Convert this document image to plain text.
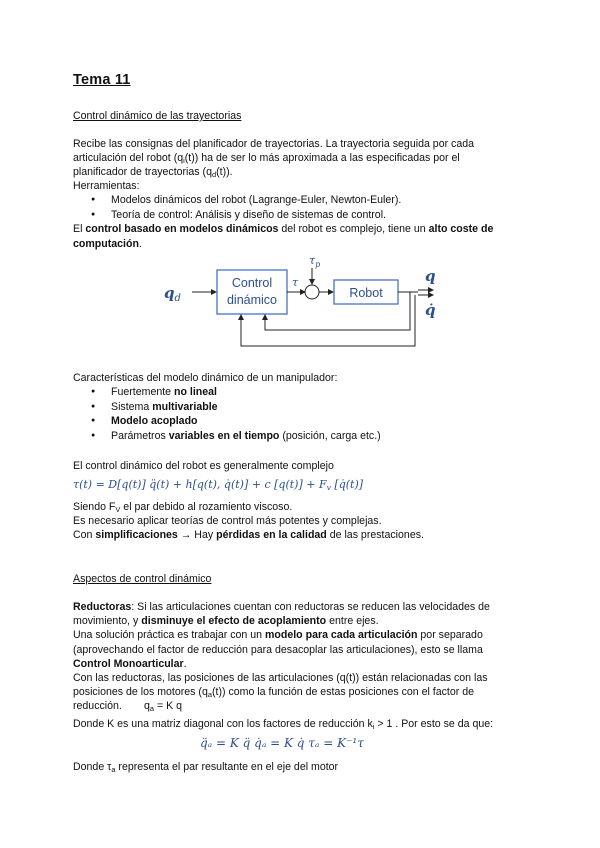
Tema 11
Control dinámico de las trayectorias
Recibe las consignas del planificador de trayectorias. La trayectoria seguida por cada
articulación del robot $(q_i(t))$ ha de ser lo más aproximada a las especificadas por el
planificador de trayectorias $(q_d(t))$.
Herramientas:
● Modelos dinámicos del robot (Lagrange-Euler, Newton-Euler).
● Teoría de control: Análisis y diseño de sistemas de control.
El control basado en modelos dinámicos del robot es complejo, tiene un alto coste de
computación.
$q_d$
Control
dinámico
τ
$\tau_p$
Robot
q
q̇
Características del modelo dinámico de un manipulador:
● Fuertemente no lineal
● Sistema multivariable
● Modelo acoplado
● Parámetros variables en el tiempo (posición, carga etc.)
El control dinámico del robot es generalmente complejo
τ(t) = D[q(t)] q̈(t) + h[q(t), q̇(t)] + c $[q(t)] + F_v$ [q̇(t)]
Siendo $F_V$ el par debido al rozamiento viscoso.
Es necesario aplicar teorías de control más potentes y complejas.
Con simplificaciones → Hay pérdidas en la calidad de las prestaciones.
Aspectos de control dinámico
Reductoras: Si las articulaciones cuentan con reductoras se reducen las velocidades de
movimiento, y disminuye el efecto de acoplamiento entre ejes.
Una solución práctica es trabajar con un modelo para cada articulación por separado
(aprovechando el factor de reducción para desacoplar las articulaciones), esto se llama
Control Monoarticular.
Con las reductoras, las posiciones de las articulaciones (q(t)) están relacionadas con las
posiciones de los motores $(q_a(t))$ como la función de estas posiciones con el factor de
reducción. $q_a = K$ q
Donde K es una matriz diagonal con los factores de reducción $k_i > 1$ . Por esto se da que:
q̈ₐ = K q̈ q̇ₐ = K q̇ τₐ = K⁻¹τ
Donde $\tau_a$ representa el par resultante en el eje del motor
